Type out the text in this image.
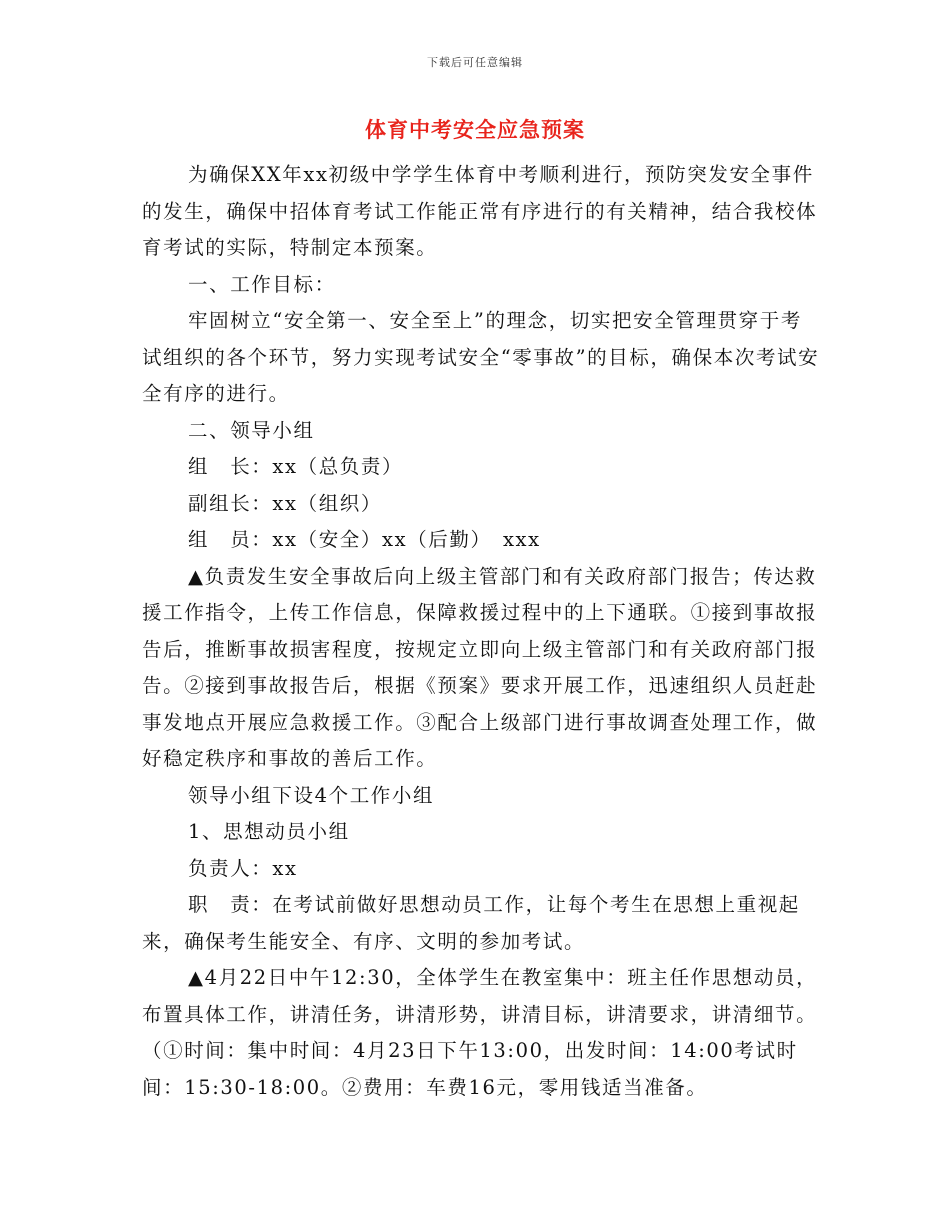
下载后可任意编辑
体育中考安全应急预案

为确保XX年xx初级中学学生体育中考顺利进行，预防突发安全事件的发生，确保中招体育考试工作能正常有序进行的有关精神，结合我校体育考试的实际，特制定本预案。

一、工作目标：

牢固树立“安全第一、安全至上”的理念，切实把安全管理贯穿于考试组织的各个环节，努力实现考试安全“零事故”的目标，确保本次考试安全有序的进行。

二、领导小组

组　长：xx（总负责）

副组长：xx（组织）

组　员：xx（安全）xx（后勤）　xxx

▲负责发生安全事故后向上级主管部门和有关政府部门报告；传达救援工作指令，上传工作信息，保障救援过程中的上下通联。①接到事故报告后，推断事故损害程度，按规定立即向上级主管部门和有关政府部门报告。②接到事故报告后，根据《预案》要求开展工作，迅速组织人员赶赴事发地点开展应急救援工作。③配合上级部门进行事故调查处理工作，做好稳定秩序和事故的善后工作。

领导小组下设4个工作小组

1、思想动员小组

负责人：xx

职　责：在考试前做好思想动员工作，让每个考生在思想上重视起来，确保考生能安全、有序、文明的参加考试。

▲4月22日中午12:30，全体学生在教室集中：班主任作思想动员，布置具体工作，讲清任务，讲清形势，讲清目标，讲清要求，讲清细节。（①时间：集中时间：4月23日下午13:00，出发时间：14:00考试时间：15:30-18:00。②费用：车费16元，零用钱适当准备。
